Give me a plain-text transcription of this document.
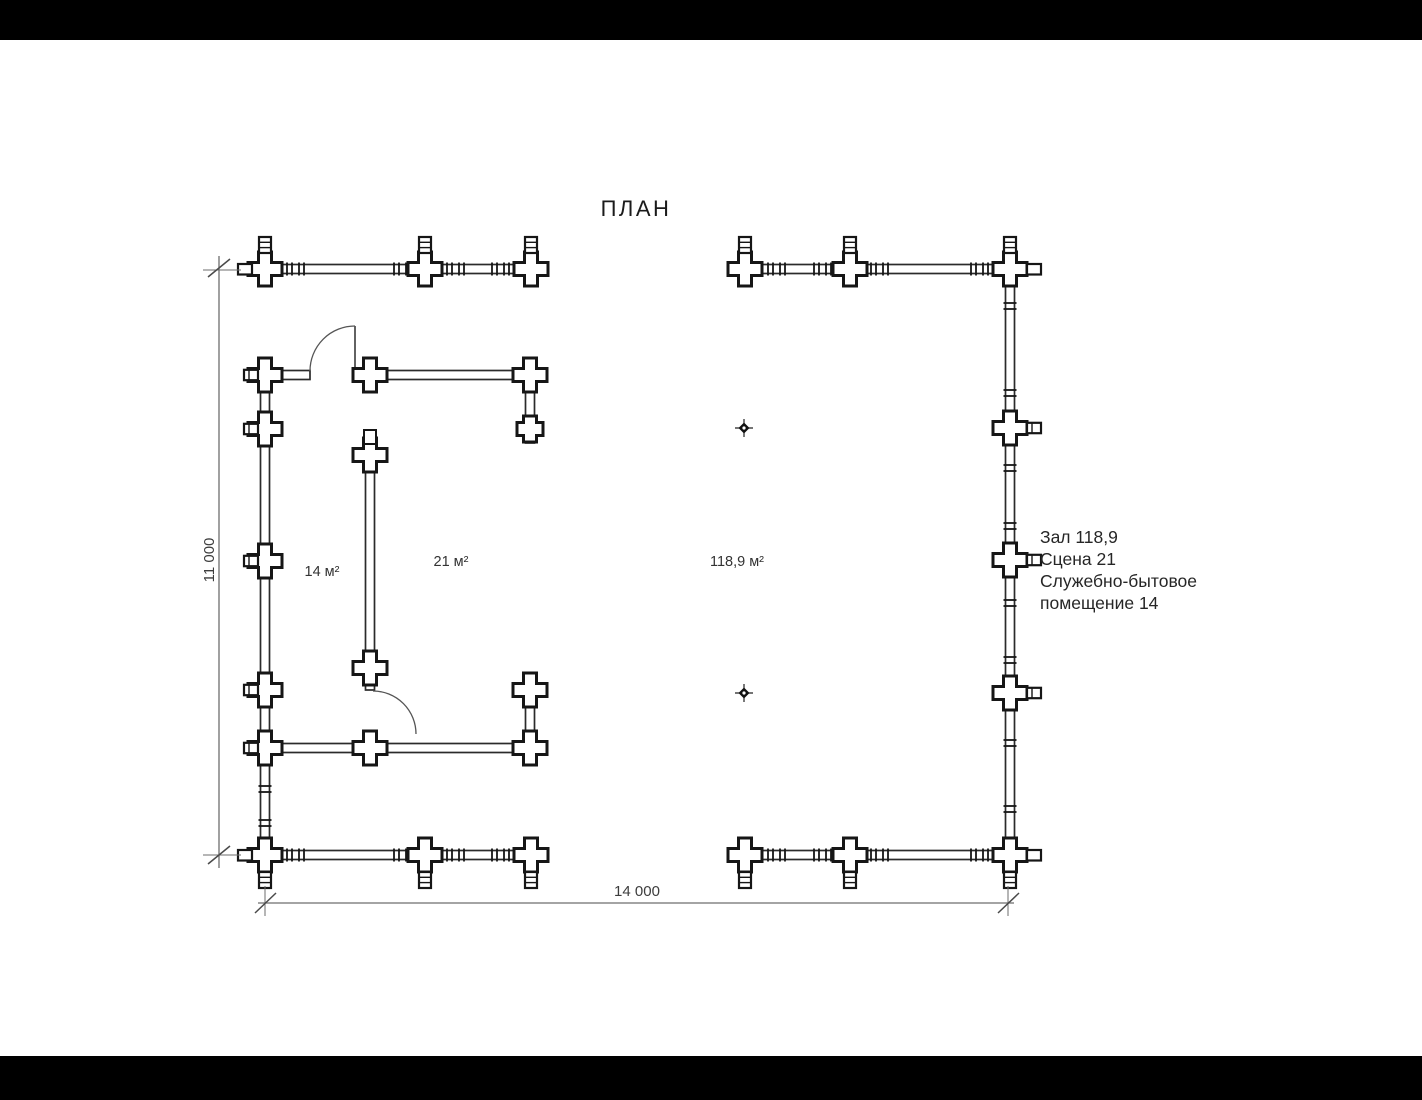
ПЛАН
14 м²
21 м²	118,9 м²
11 000
14 000
Зал 118,9
Сцена 21
Служебно-бытовое
помещение 14
